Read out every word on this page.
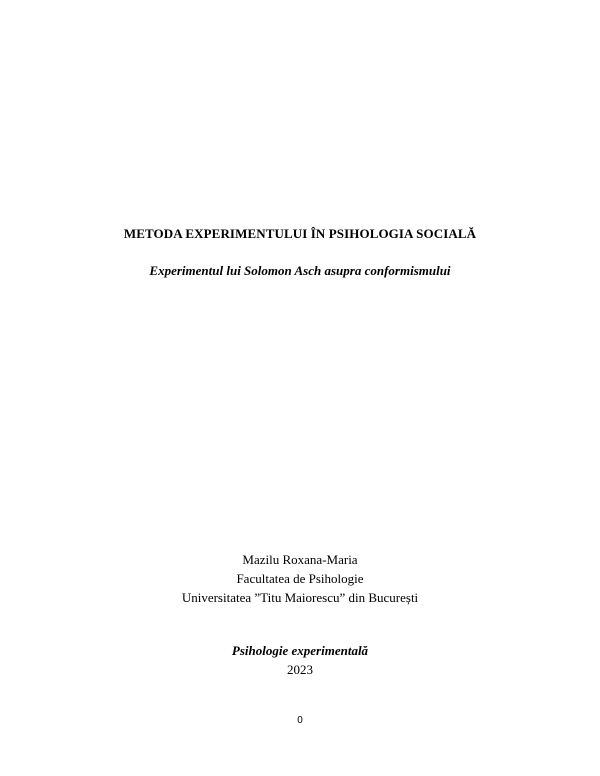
METODA EXPERIMENTULUI ÎN PSIHOLOGIA SOCIALĂ
Experimentul lui Solomon Asch asupra conformismului
Mazilu Roxana-Maria
Facultatea de Psihologie
Universitatea ”Titu Maiorescu” din București
Psihologie experimentală
2023
0
